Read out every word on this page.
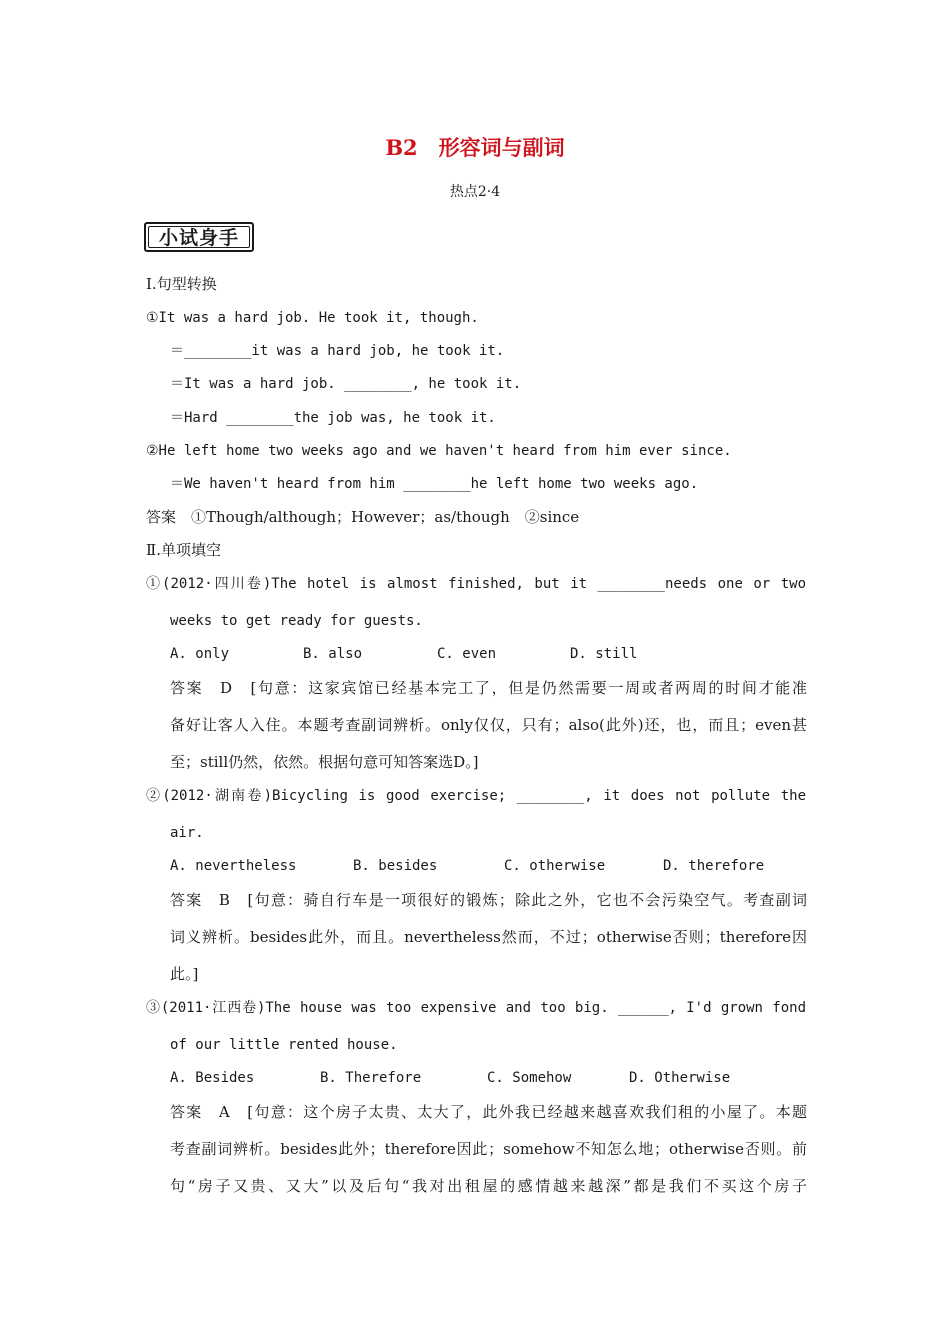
B2　形容词与副词
热点2·4
小试身手
Ⅰ.句型转换
①It was a hard job. He took it, though.
＝________it was a hard job, he took it.
＝It was a hard job. ________, he took it.
＝Hard ________the job was, he took it.
②He left home two weeks ago and we haven't heard from him ever since.
＝We haven't heard from him ________he left home two weeks ago.
答案　①Though/although；However；as/though　②since
Ⅱ.单项填空
①(2012·四川卷)The hotel is almost finished, but it ________needs one or two
weeks to get ready for guests.
A. only	B. also	C. even	D. still
答案　D　[句意：这家宾馆已经基本完工了，但是仍然需要一周或者两周的时间才能准
备好让客人入住。本题考查副词辨析。only仅仅，只有；also(此外)还，也，而且；even甚
至；still仍然，依然。根据句意可知答案选D。]
②(2012·湖南卷)Bicycling is good exercise; ________, it does not pollute the
air.
A. nevertheless	B. besides	C. otherwise	D. therefore
答案　B　[句意：骑自行车是一项很好的锻炼；除此之外，它也不会污染空气。考查副词
词义辨析。besides此外，而且。nevertheless然而，不过；otherwise否则；therefore因
此。]
③(2011·江西卷)The house was too expensive and too big. ______, I'd grown fond
of our little rented house.
A. Besides	B. Therefore	C. Somehow	D. Otherwise
答案　A　[句意：这个房子太贵、太大了，此外我已经越来越喜欢我们租的小屋了。本题
考查副词辨析。besides此外；therefore因此；somehow不知怎么地；otherwise否则。前
句“房子又贵、又大”以及后句“我对出租屋的感情越来越深”都是我们不买这个房子
